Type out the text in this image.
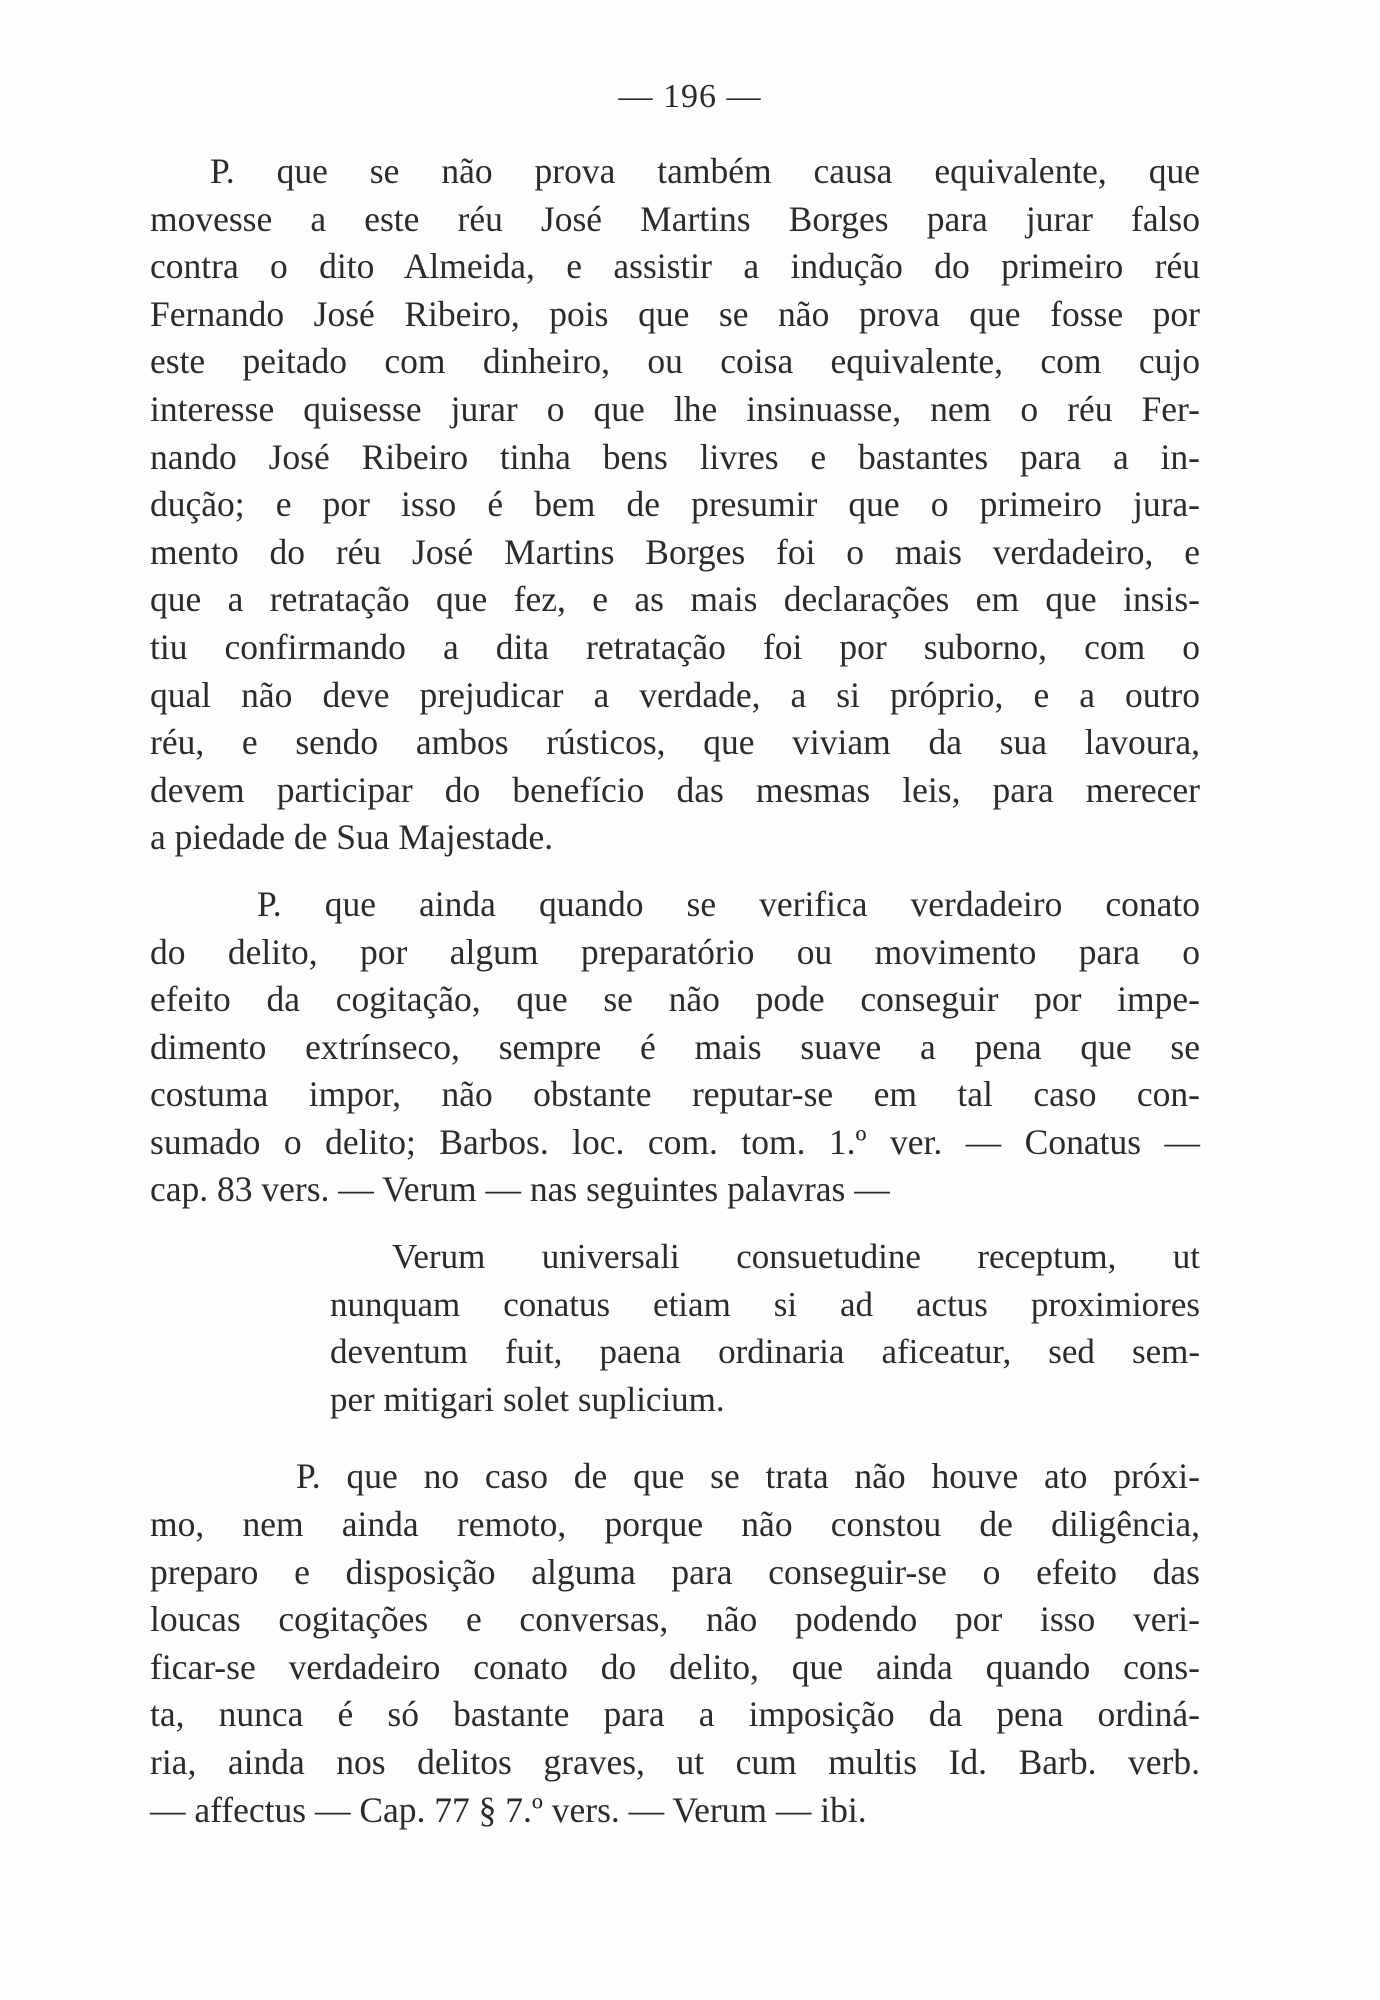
— 196 —
P. que se não prova também causa equivalente, que
movesse a este réu José Martins Borges para jurar falso
contra o dito Almeida, e assistir a indução do primeiro réu
Fernando José Ribeiro, pois que se não prova que fosse por
este peitado com dinheiro, ou coisa equivalente, com cujo
interesse quisesse jurar o que lhe insinuasse, nem o réu Fer-
nando José Ribeiro tinha bens livres e bastantes para a in-
dução; e por isso é bem de presumir que o primeiro jura-
mento do réu José Martins Borges foi o mais verdadeiro, e
que a retratação que fez, e as mais declarações em que insis-
tiu confirmando a dita retratação foi por suborno, com o
qual não deve prejudicar a verdade, a si próprio, e a outro
réu, e sendo ambos rústicos, que viviam da sua lavoura,
devem participar do benefício das mesmas leis, para merecer
a piedade de Sua Majestade.
P. que ainda quando se verifica verdadeiro conato
do delito, por algum preparatório ou movimento para o
efeito da cogitação, que se não pode conseguir por impe-
dimento extrínseco, sempre é mais suave a pena que se
costuma impor, não obstante reputar-se em tal caso con-
sumado o delito; Barbos. loc. com. tom. 1.º ver. — Conatus —
cap. 83 vers. — Verum — nas seguintes palavras —
Verum universali consuetudine receptum, ut
nunquam conatus etiam si ad actus proximiores
deventum fuit, paena ordinaria aficeatur, sed sem-
per mitigari solet suplicium.
P. que no caso de que se trata não houve ato próxi-
mo, nem ainda remoto, porque não constou de diligência,
preparo e disposição alguma para conseguir-se o efeito das
loucas cogitações e conversas, não podendo por isso veri-
ficar-se verdadeiro conato do delito, que ainda quando cons-
ta, nunca é só bastante para a imposição da pena ordiná-
ria, ainda nos delitos graves, ut cum multis Id. Barb. verb.
— affectus — Cap. 77 § 7.º vers. — Verum — ibi.
